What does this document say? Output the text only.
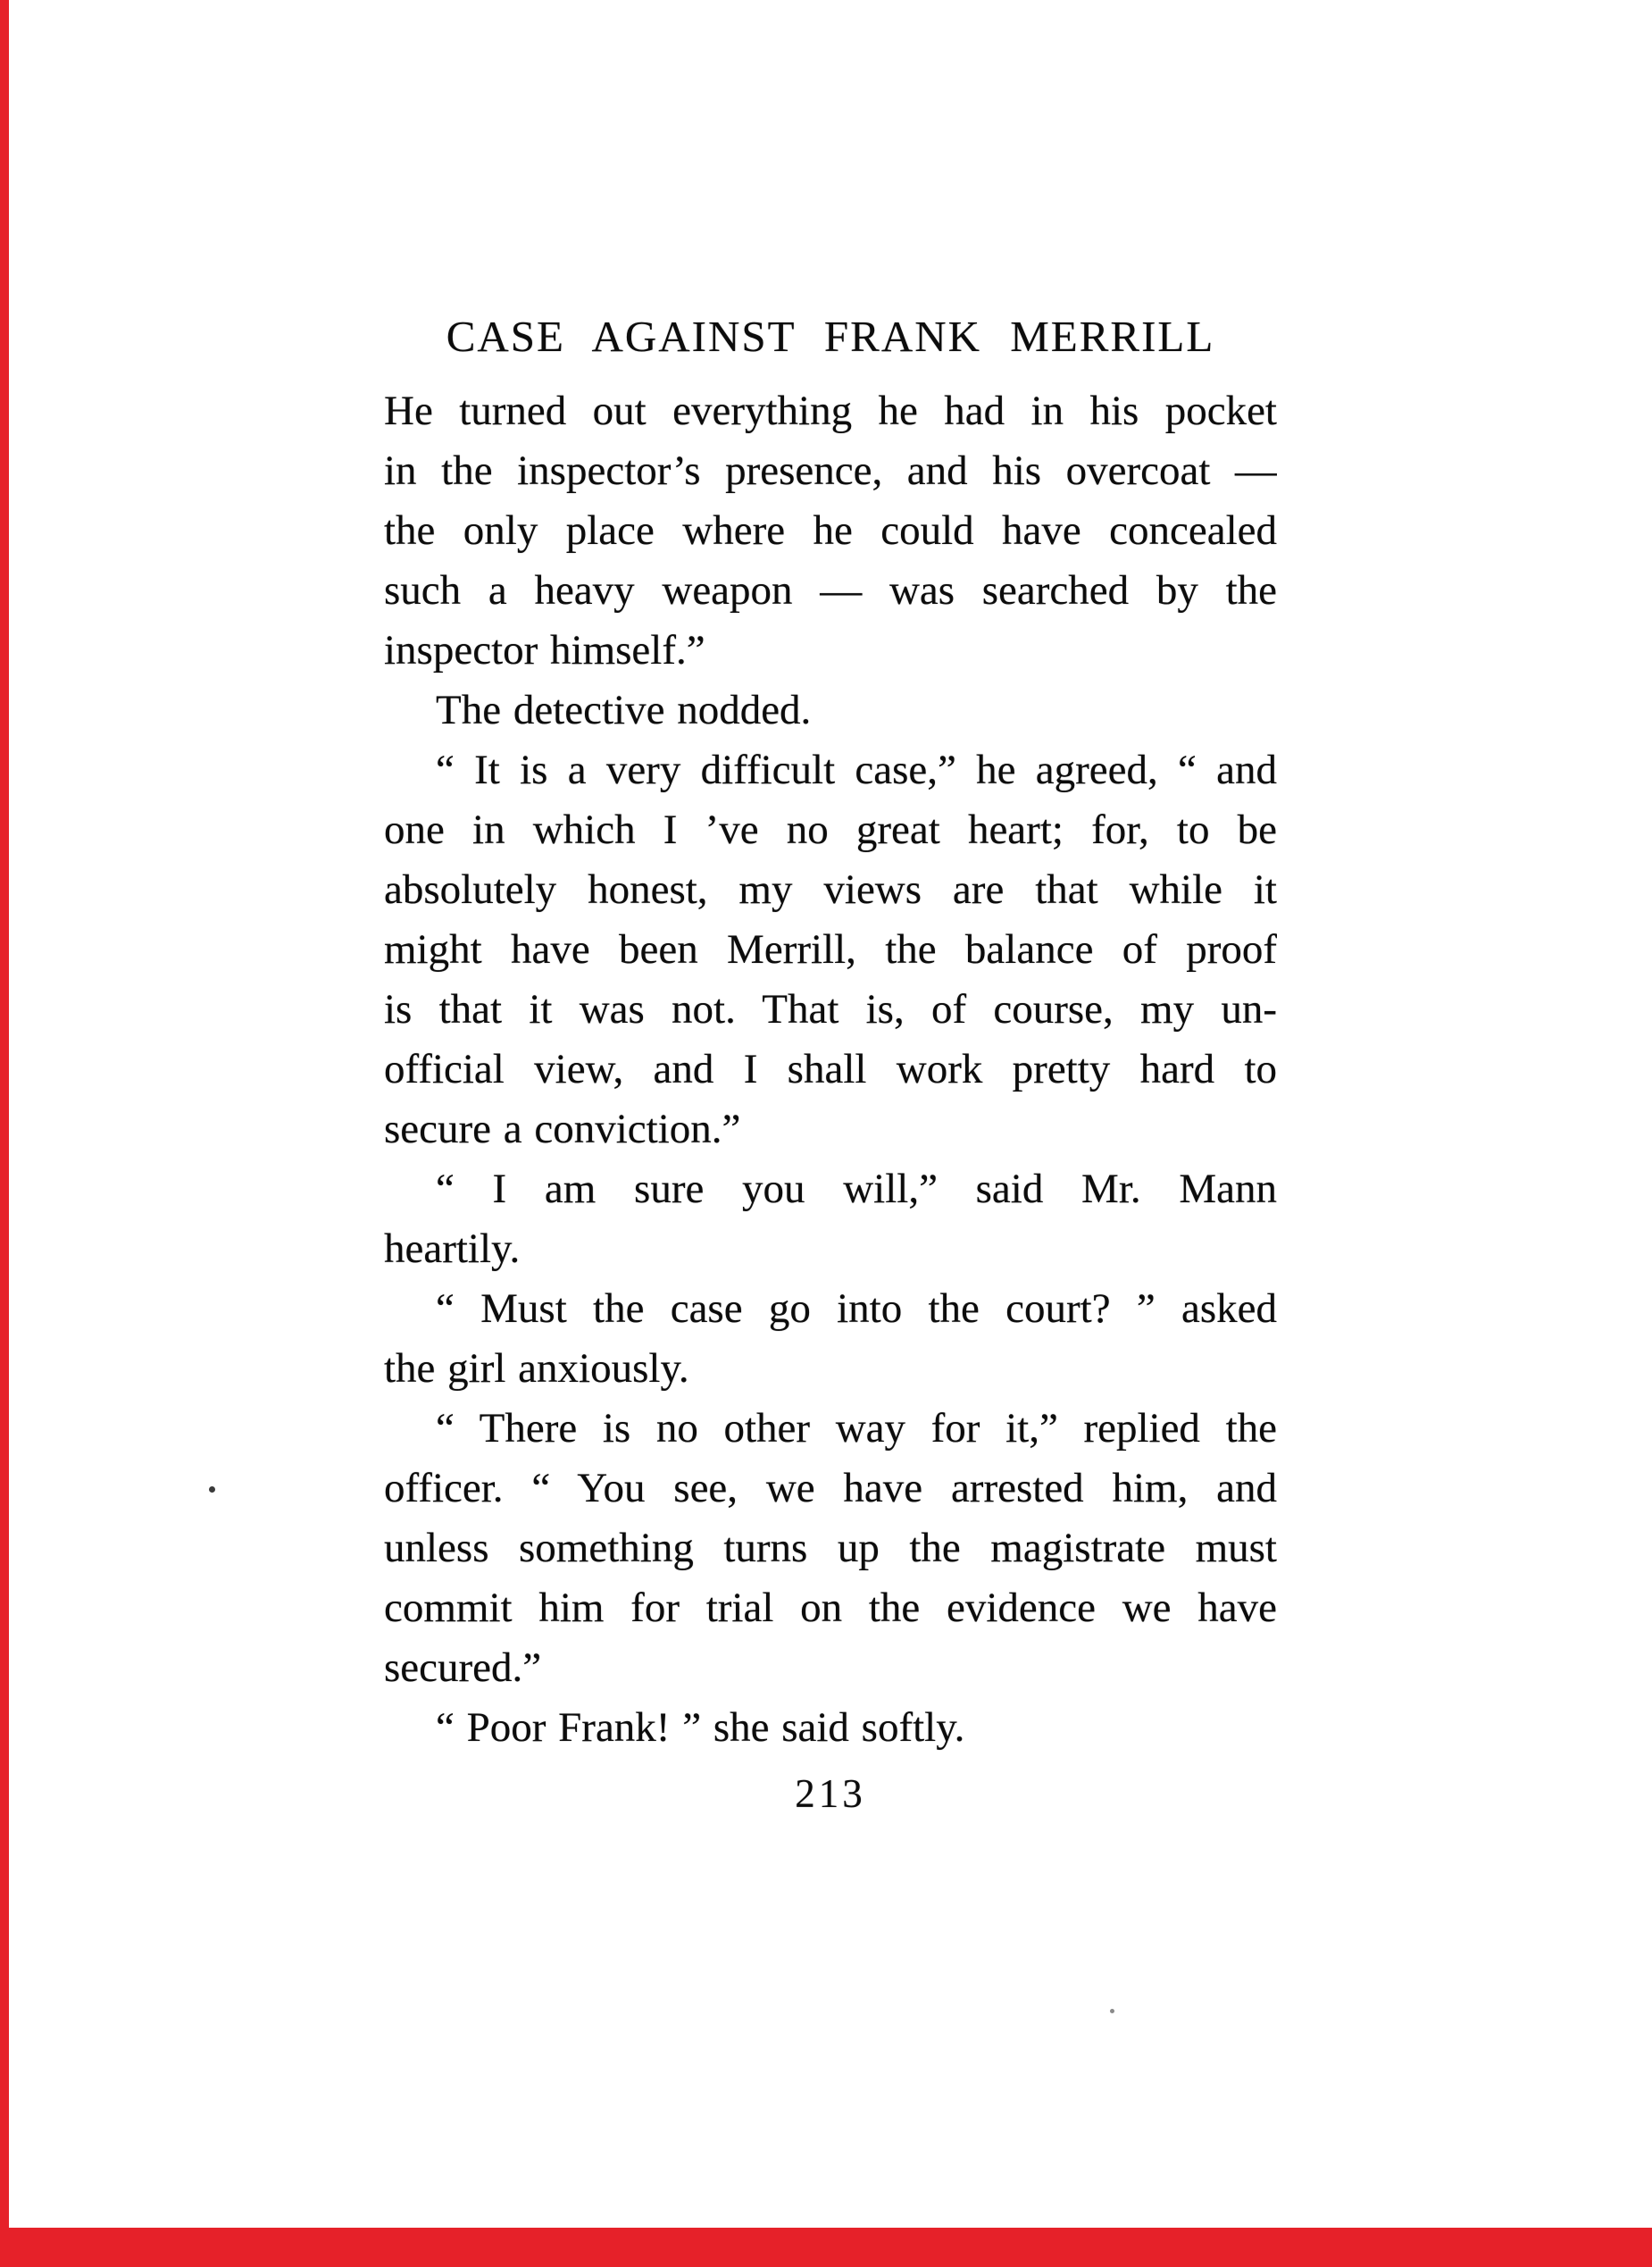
CASE AGAINST FRANK MERRILL
He turned out everything he had in his pocket
in the inspector’s presence, and his overcoat —
the only place where he could have concealed
such a heavy weapon — was searched by the
inspector himself.”
The detective nodded.
“ It is a very difficult case,” he agreed, “ and
one in which I ’ve no great heart; for, to be
absolutely honest, my views are that while it
might have been Merrill, the balance of proof
is that it was not. That is, of course, my un-
official view, and I shall work pretty hard to
secure a conviction.”
“ I am sure you will,” said Mr. Mann
heartily.
“ Must the case go into the court? ” asked
the girl anxiously.
“ There is no other way for it,” replied the
officer. “ You see, we have arrested him, and
unless something turns up the magistrate must
commit him for trial on the evidence we have
secured.”
“ Poor Frank! ” she said softly.
213
